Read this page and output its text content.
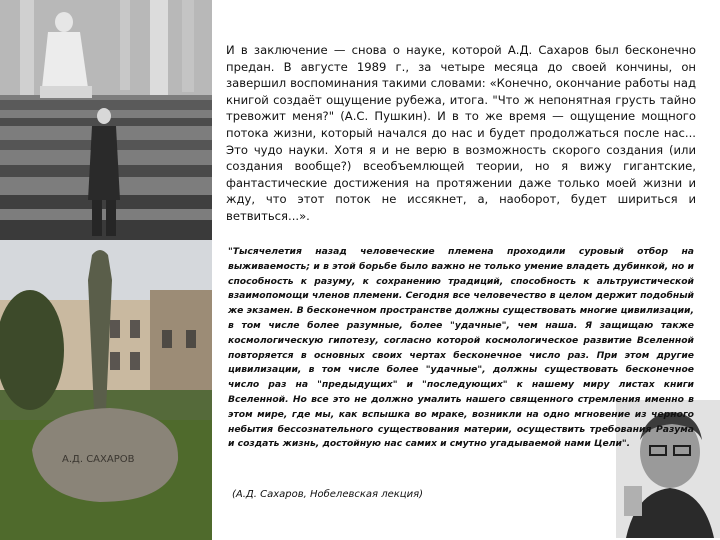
А.Д. САХАРОВ

И в заключение — снова о науке, которой А.Д. Сахаров был бесконечно предан. В августе 1989 г., за четыре месяца до своей кончины, он завершил воспоминания такими словами: «Конечно, окончание работы над книгой создаёт ощущение рубежа, итога. "Что ж непонятная грусть тайно тревожит меня?" (А.С. Пушкин). И в то же время — ощущение мощного потока жизни, который начался до нас и будет продолжаться после нас... Это чудо науки. Хотя я и не верю в возможность скорого создания (или создания вообще?) всеобъемлющей теории, но я вижу гигантские, фантастические достижения на протяжении даже только моей жизни и жду, что этот поток не иссякнет, а, наоборот, будет шириться и ветвиться...».

"Тысячелетия назад человеческие племена проходили суровый отбор на выживаемость; и в этой борьбе было важно не только умение владеть дубинкой, но и способность к разуму, к сохранению традиций, способность к альтруистической взаимопомощи членов племени. Сегодня все человечество в целом держит подобный же экзамен. В бесконечном пространстве должны существовать многие цивилизации, в том числе более разумные, более "удачные", чем наша. Я защищаю также космологическую гипотезу, согласно которой космологическое развитие Вселенной повторяется в основных своих чертах бесконечное число раз. При этом другие цивилизации, в том числе более "удачные", должны существовать бесконечное число раз на "предыдущих" и "последующих" к нашему миру листах книги Вселенной. Но все это не должно умалить нашего священного стремления именно в этом мире, где мы, как вспышка во мраке, возникли на одно мгновение из черного небытия бессознательного существования материи, осуществить требования Разума и создать жизнь, достойную нас самих и смутно угадываемой нами Цели".

(А.Д. Сахаров, Нобелевская лекция)
